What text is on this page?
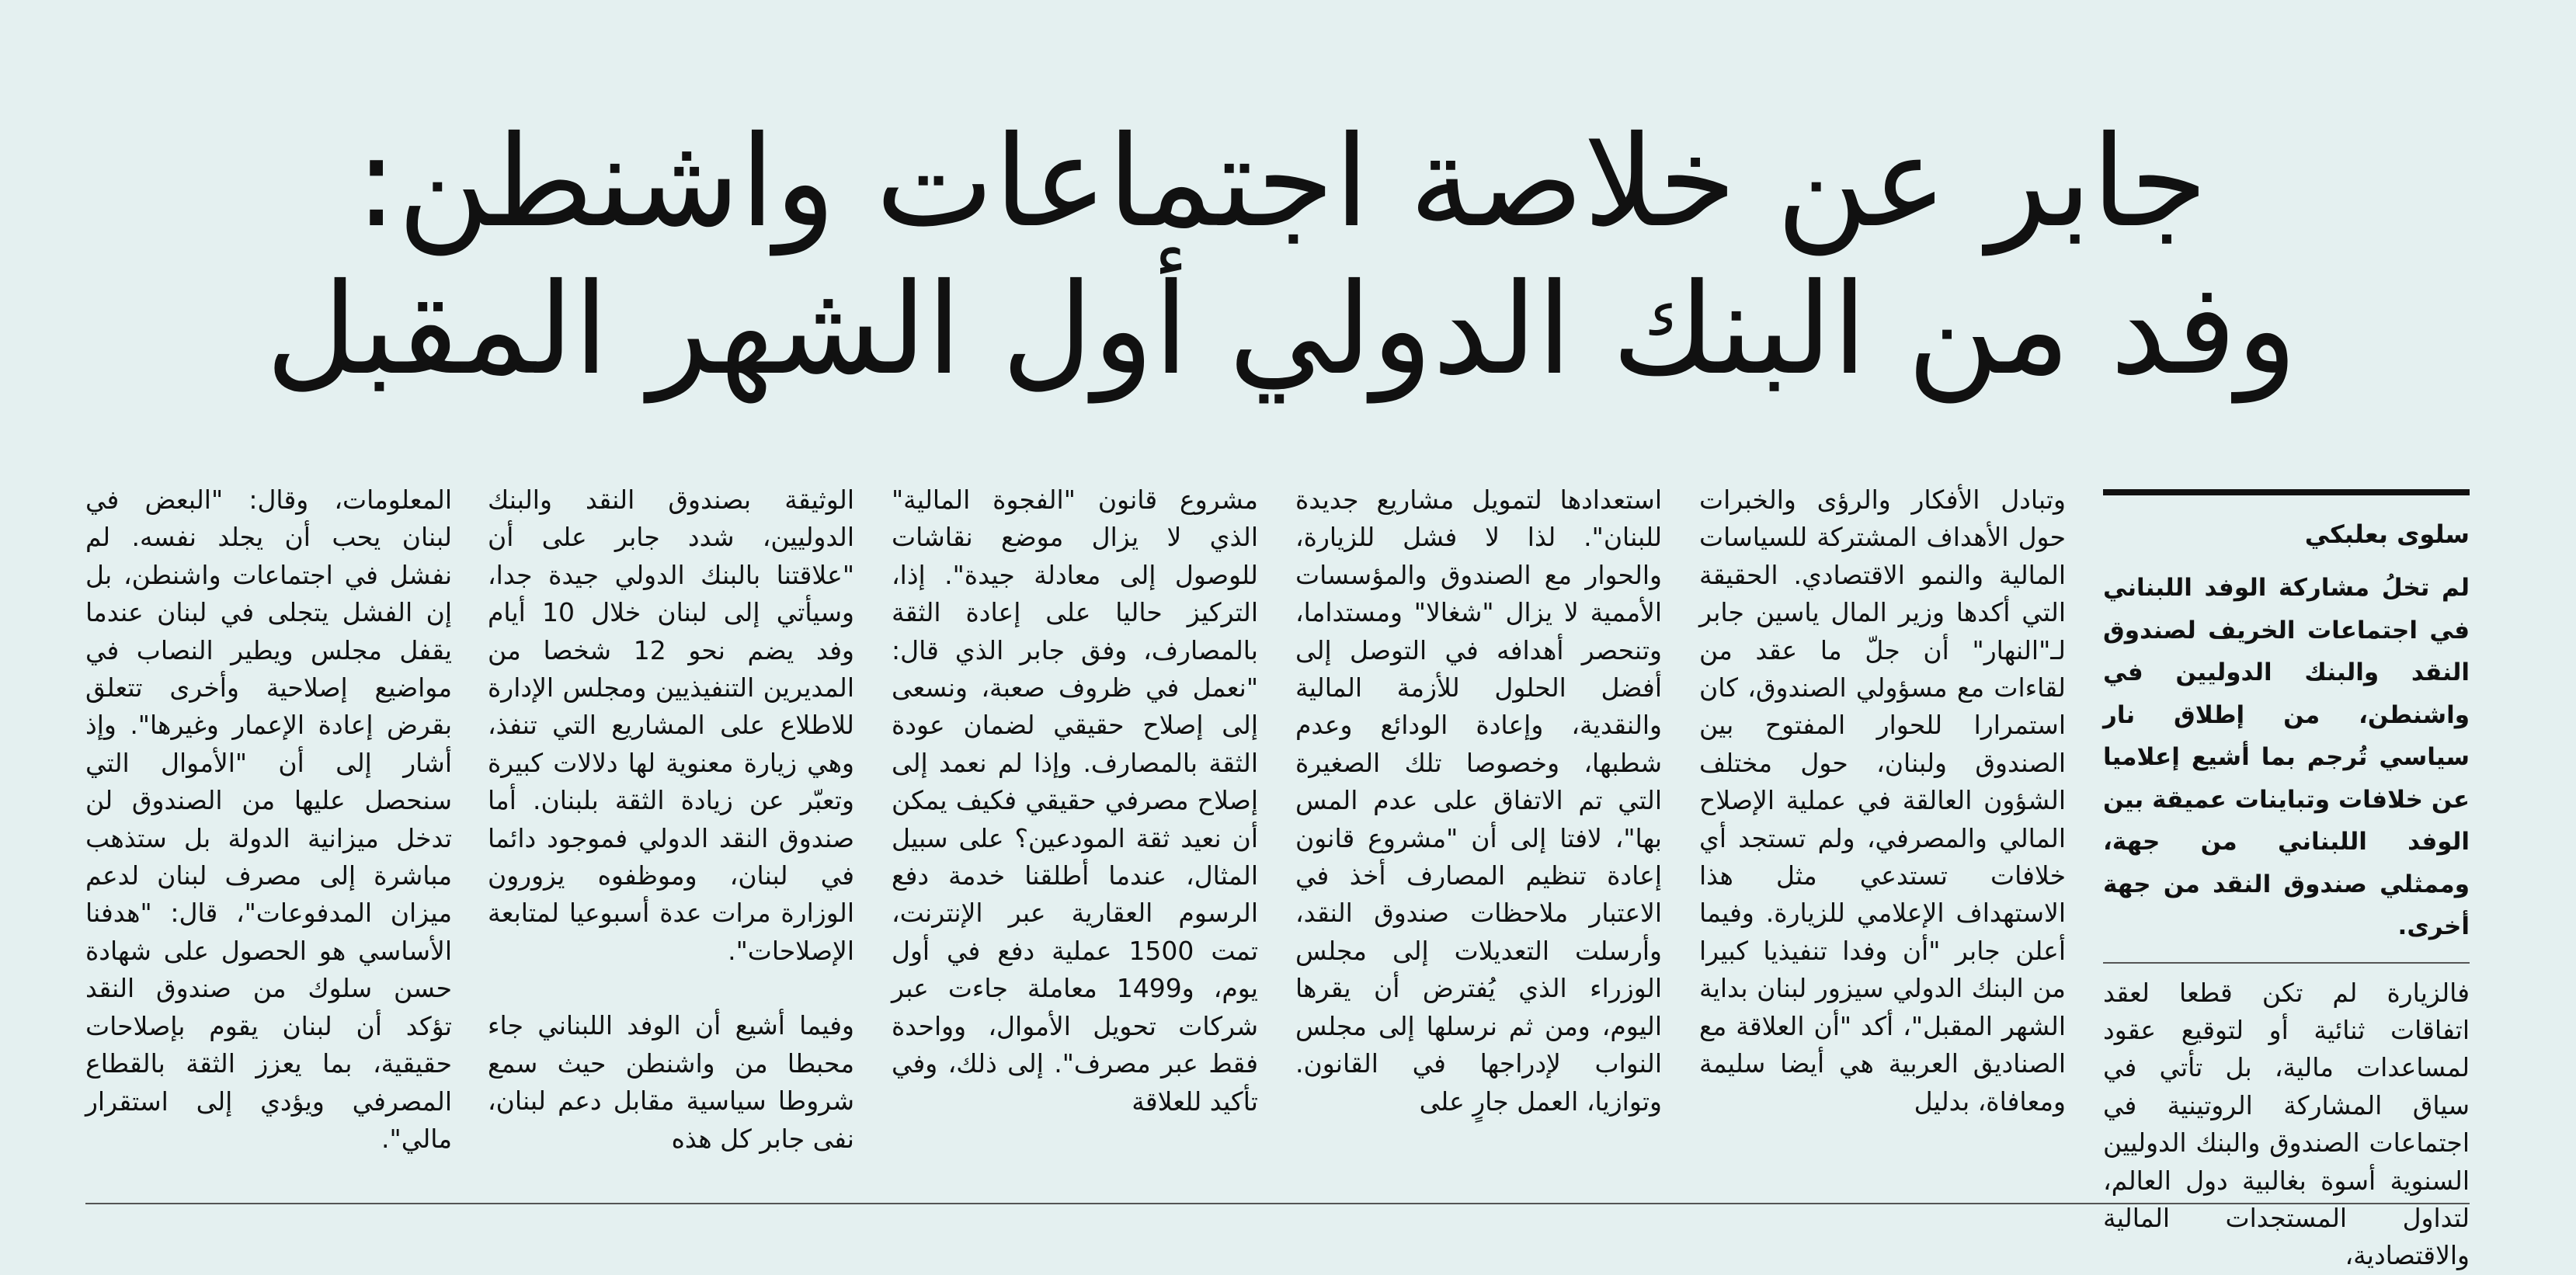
جابر عن خلاصة اجتماعات واشنطن:
وفد من البنك الدولي أول الشهر المقبل
سلوى بعلبكي
لم تخلُ مشاركة الوفد اللبناني في اجتماعات الخريف لصندوق النقد والبنك الدوليين في واشنطن، من إطلاق نار سياسي تُرجم بما أشيع إعلاميا عن خلافات وتباينات عميقة بين الوفد اللبناني من جهة، وممثلي صندوق النقد من جهة أخرى.

فالزيارة لم تكن قطعا لعقد اتفاقات ثنائية أو لتوقيع عقود لمساعدات مالية، بل تأتي في سياق المشاركة الروتينية في اجتماعات الصندوق والبنك الدوليين السنوية أسوة بغالبية دول العالم، لتداول المستجدات المالية والاقتصادية،

وتبادل الأفكار والرؤى والخبرات حول الأهداف المشتركة للسياسات المالية والنمو الاقتصادي. الحقيقة التي أكدها وزير المال ياسين جابر لـ"النهار" أن جلّ ما عقد من لقاءات مع مسؤولي الصندوق، كان استمرارا للحوار المفتوح بين الصندوق ولبنان، حول مختلف الشؤون العالقة في عملية الإصلاح المالي والمصرفي، ولم تستجد أي خلافات تستدعي مثل هذا الاستهداف الإعلامي للزيارة. وفيما أعلن جابر "أن وفدا تنفيذيا كبيرا من البنك الدولي سيزور لبنان بداية الشهر المقبل"، أكد "أن العلاقة مع الصناديق العربية هي أيضا سليمة ومعافاة، بدليل

استعدادها لتمويل مشاريع جديدة للبنان". لذا لا فشل للزيارة، والحوار مع الصندوق والمؤسسات الأممية لا يزال "شغالا" ومستداما، وتنحصر أهدافه في التوصل إلى أفضل الحلول للأزمة المالية والنقدية، وإعادة الودائع وعدم شطبها، وخصوصا تلك الصغيرة التي تم الاتفاق على عدم المس بها"، لافتا إلى أن "مشروع قانون إعادة تنظيم المصارف أخذ في الاعتبار ملاحظات صندوق النقد، وأرسلت التعديلات إلى مجلس الوزراء الذي يُفترض أن يقرها اليوم، ومن ثم نرسلها إلى مجلس النواب لإدراجها في القانون. وتوازيا، العمل جارٍ على

مشروع قانون "الفجوة المالية" الذي لا يزال موضع نقاشات للوصول إلى معادلة جيدة". إذا، التركيز حاليا على إعادة الثقة بالمصارف، وفق جابر الذي قال: "نعمل في ظروف صعبة، ونسعى إلى إصلاح حقيقي لضمان عودة الثقة بالمصارف. وإذا لم نعمد إلى إصلاح مصرفي حقيقي فكيف يمكن أن نعيد ثقة المودعين؟ على سبيل المثال، عندما أطلقنا خدمة دفع الرسوم العقارية عبر الإنترنت، تمت 1500 عملية دفع في أول يوم، و1499 معاملة جاءت عبر شركات تحويل الأموال، وواحدة فقط عبر مصرف". إلى ذلك، وفي تأكيد للعلاقة

الوثيقة بصندوق النقد والبنك الدوليين، شدد جابر على أن "علاقتنا بالبنك الدولي جيدة جدا، وسيأتي إلى لبنان خلال 10 أيام وفد يضم نحو 12 شخصا من المديرين التنفيذيين ومجلس الإدارة للاطلاع على المشاريع التي تنفذ، وهي زيارة معنوية لها دلالات كبيرة وتعبّر عن زيادة الثقة بلبنان. أما صندوق النقد الدولي فموجود دائما في لبنان، وموظفوه يزورون الوزارة مرات عدة أسبوعيا لمتابعة الإصلاحات".

وفيما أشيع أن الوفد اللبناني جاء محبطا من واشنطن حيث سمع شروطا سياسية مقابل دعم لبنان، نفى جابر كل هذه

المعلومات، وقال: "البعض في لبنان يحب أن يجلد نفسه. لم نفشل في اجتماعات واشنطن، بل إن الفشل يتجلى في لبنان عندما يقفل مجلس ويطير النصاب في مواضيع إصلاحية وأخرى تتعلق بقرض إعادة الإعمار وغيرها". وإذ أشار إلى أن "الأموال التي سنحصل عليها من الصندوق لن تدخل ميزانية الدولة بل ستذهب مباشرة إلى مصرف لبنان لدعم ميزان المدفوعات"، قال: "هدفنا الأساسي هو الحصول على شهادة حسن سلوك من صندوق النقد تؤكد أن لبنان يقوم بإصلاحات حقيقية، بما يعزز الثقة بالقطاع المصرفي ويؤدي إلى استقرار مالي".
